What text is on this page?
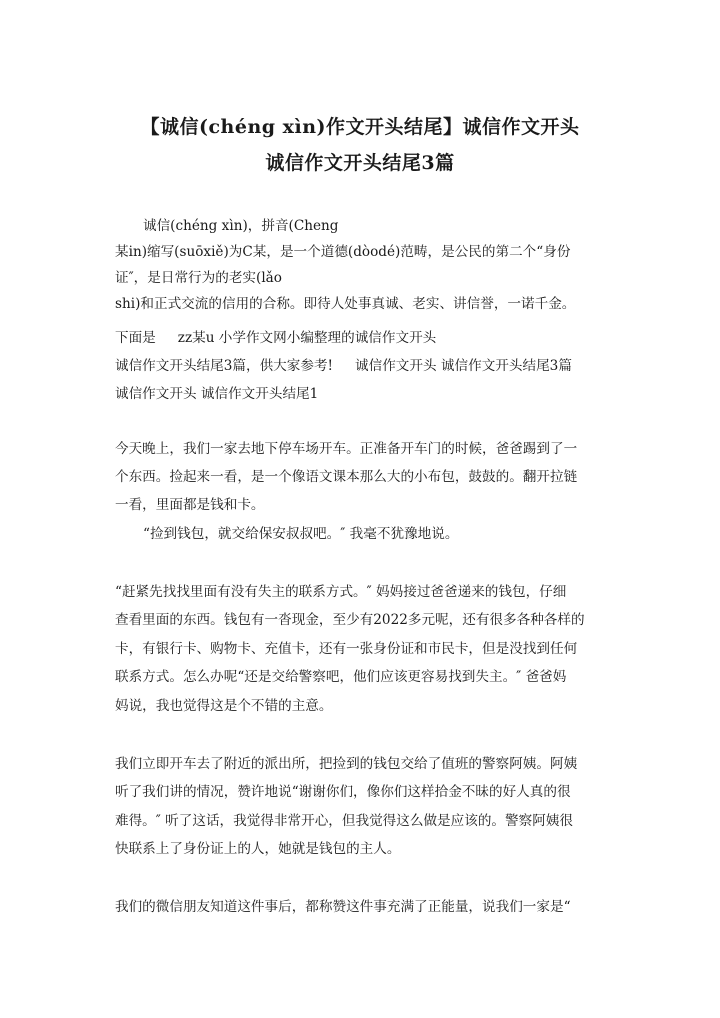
【诚信(chéng xìn)作文开头结尾】诚信作文开头
诚信作文开头结尾3篇
诚信(chéng xìn)，拼音(Cheng
某in)缩写(suōxiě)为C某，是一个道德(dòodé)范畴，是公民的第二个“身份
证″，是日常行为的老实(lǎo
shi)和正式交流的信用的合称。即待人处事真诚、老实、讲信誉，一诺千金。
下面是 zz某u 小学作文网小编整理的诚信作文开头
诚信作文开头结尾3篇，供大家参考! 诚信作文开头 诚信作文开头结尾3篇
诚信作文开头 诚信作文开头结尾1
今天晚上，我们一家去地下停车场开车。正准备开车门的时候，爸爸踢到了一
个东西。捡起来一看，是一个像语文课本那么大的小布包，鼓鼓的。翻开拉链
一看，里面都是钱和卡。
“捡到钱包，就交给保安叔叔吧。″ 我毫不犹豫地说。
“赶紧先找找里面有没有失主的联系方式。″ 妈妈接过爸爸递来的钱包，仔细
查看里面的东西。钱包有一沓现金，至少有2022多元呢，还有很多各种各样的
卡，有银行卡、购物卡、充值卡，还有一张身份证和市民卡，但是没找到任何
联系方式。怎么办呢“还是交给警察吧，他们应该更容易找到失主。″ 爸爸妈
妈说，我也觉得这是个不错的主意。
我们立即开车去了附近的派出所，把捡到的钱包交给了值班的警察阿姨。阿姨
听了我们讲的情况，赞许地说“谢谢你们，像你们这样拾金不昧的好人真的很
难得。″ 听了这话，我觉得非常开心，但我觉得这么做是应该的。警察阿姨很
快联系上了身份证上的人，她就是钱包的主人。
我们的微信朋友知道这件事后，都称赞这件事充满了正能量，说我们一家是“
